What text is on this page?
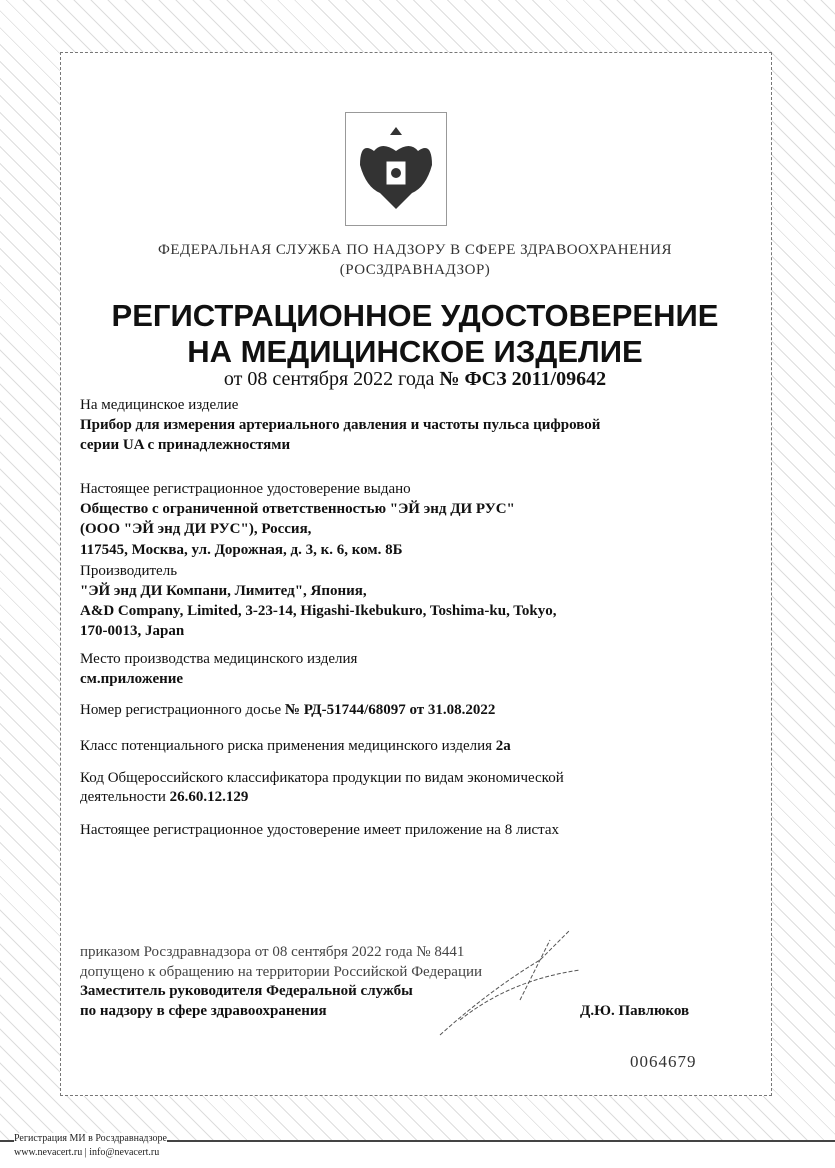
ФЕДЕРАЛЬНАЯ СЛУЖБА ПО НАДЗОРУ В СФЕРЕ ЗДРАВООХРАНЕНИЯ
(РОСЗДРАВНАДЗОР)
РЕГИСТРАЦИОННОЕ УДОСТОВЕРЕНИЕ
НА МЕДИЦИНСКОЕ ИЗДЕЛИЕ
от 08 сентября 2022 года № ФСЗ 2011/09642
На медицинское изделие
Прибор для измерения артериального давления и частоты пульса цифровой
серии UA с принадлежностями
Настоящее регистрационное удостоверение выдано
Общество с ограниченной ответственностью "ЭЙ энд ДИ РУС"
(ООО "ЭЙ энд ДИ РУС"), Россия,
117545, Москва, ул. Дорожная, д. 3, к. 6, ком. 8Б
Производитель
"ЭЙ энд ДИ Компани, Лимитед", Япония,
A&D Company, Limited, 3-23-14, Higashi-Ikebukuro, Toshima-ku, Tokyo,
170-0013, Japan
Место производства медицинского изделия
см.приложение
Номер регистрационного досье № РД-51744/68097 от 31.08.2022
Класс потенциального риска применения медицинского изделия 2а
Код Общероссийского классификатора продукции по видам экономической
деятельности 26.60.12.129
Настоящее регистрационное удостоверение имеет приложение на 8 листах
приказом Росздравнадзора от 08 сентября 2022 года № 8441
допущено к обращению на территории Российской Федерации
Заместитель руководителя Федеральной службы
по надзору в сфере здравоохранения	Д.Ю. Павлюков
0064679
Регистрация МИ в Росздравнадзоре
www.nevacert.ru | info@nevacert.ru
